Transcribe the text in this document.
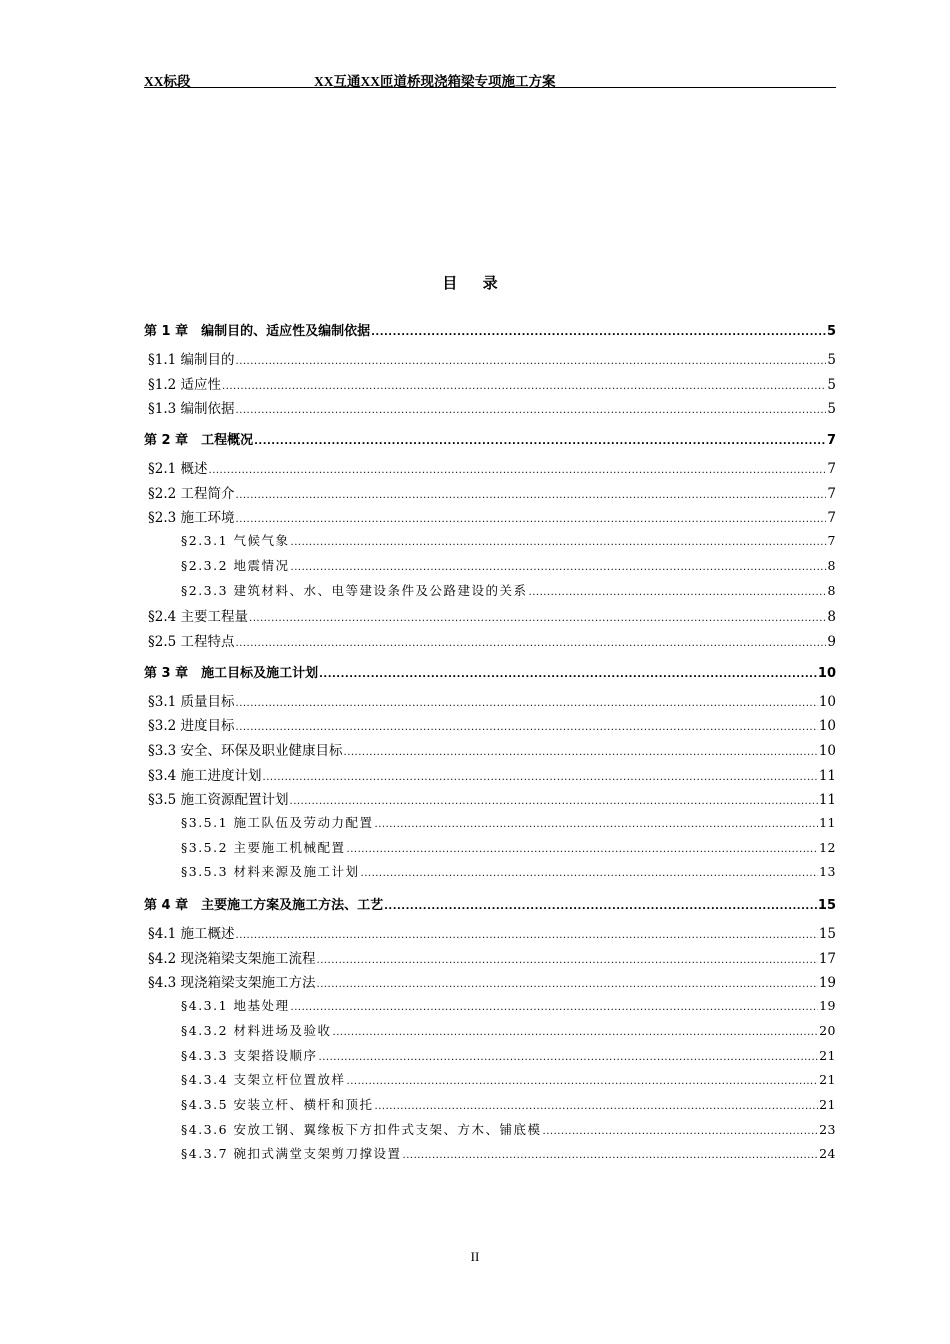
XX标段	XX互通XX匝道桥现浇箱梁专项施工方案
目 录
第 1 章　编制目的、适应性及编制依据 .....	5
§1.1 编制目的 .....	5
§1.2 适应性 .....	5
§1.3 编制依据 .....	5
第 2 章　工程概况 .....	7
§2.1 概述 .....	7
§2.2 工程简介 .....	7
§2.3 施工环境 .....	7
§2.3.1 气候气象 .....	7
§2.3.2 地震情况 .....	8
§2.3.3 建筑材料、水、电等建设条件及公路建设的关系 .....	8
§2.4 主要工程量 .....	8
§2.5 工程特点 .....	9
第 3 章　施工目标及施工计划 .....	10
§3.1 质量目标 .....	10
§3.2 进度目标 .....	10
§3.3 安全、环保及职业健康目标 .....	10
§3.4 施工进度计划 .....	11
§3.5 施工资源配置计划 .....	11
§3.5.1 施工队伍及劳动力配置 .....	11
§3.5.2 主要施工机械配置 .....	12
§3.5.3 材料来源及施工计划 .....	13
第 4 章　主要施工方案及施工方法、工艺 .....	15
§4.1 施工概述 .....	15
§4.2 现浇箱梁支架施工流程 .....	17
§4.3 现浇箱梁支架施工方法 .....	19
§4.3.1 地基处理 .....	19
§4.3.2 材料进场及验收 .....	20
§4.3.3 支架搭设顺序 .....	21
§4.3.4 支架立杆位置放样 .....	21
§4.3.5 安装立杆、横杆和顶托 .....	21
§4.3.6 安放工钢、翼缘板下方扣件式支架、方木、铺底模 .....	23
§4.3.7 碗扣式满堂支架剪刀撑设置 .....	24
II
